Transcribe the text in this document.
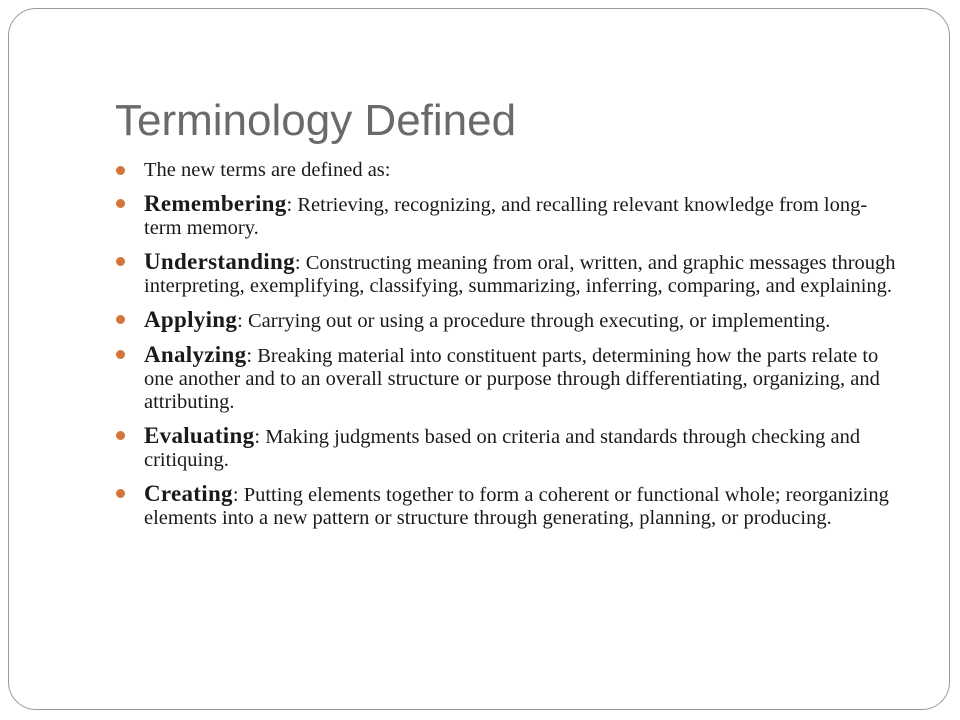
Terminology Defined
The new terms are defined as:
Remembering: Retrieving, recognizing, and recalling relevant knowledge from long-term memory.
Understanding: Constructing meaning from oral, written, and graphic messages through interpreting, exemplifying, classifying, summarizing, inferring, comparing, and explaining.
Applying: Carrying out or using a procedure through executing, or implementing.
Analyzing: Breaking material into constituent parts, determining how the parts relate to one another and to an overall structure or purpose through differentiating, organizing, and attributing.
Evaluating: Making judgments based on criteria and standards through checking and critiquing.
Creating: Putting elements together to form a coherent or functional whole; reorganizing elements into a new pattern or structure through generating, planning, or producing.
